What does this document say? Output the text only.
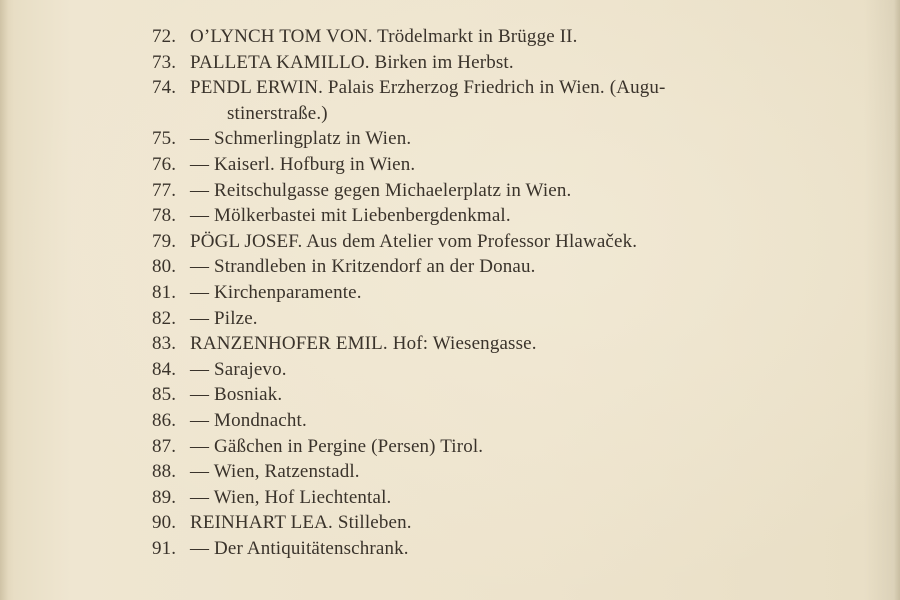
72. O’LYNCH TOM VON. Trödelmarkt in Brügge II.
73. PALLETA KAMILLO. Birken im Herbst.
74. PENDL ERWIN. Palais Erzherzog Friedrich in Wien. (Augu-
stinerstraße.)
75. — Schmerlingplatz in Wien.
76. — Kaiserl. Hofburg in Wien.
77. — Reitschulgasse gegen Michaelerplatz in Wien.
78. — Mölkerbastei mit Liebenbergdenkmal.
79. PÖGL JOSEF. Aus dem Atelier vom Professor Hlawaček.
80. — Strandleben in Kritzendorf an der Donau.
81. — Kirchenparamente.
82. — Pilze.
83. RANZENHOFER EMIL. Hof: Wiesengasse.
84. — Sarajevo.
85. — Bosniak.
86. — Mondnacht.
87. — Gäßchen in Pergine (Persen) Tirol.
88. — Wien, Ratzenstadl.
89. — Wien, Hof Liechtental.
90. REINHART LEA. Stilleben.
91. — Der Antiquitätenschrank.
